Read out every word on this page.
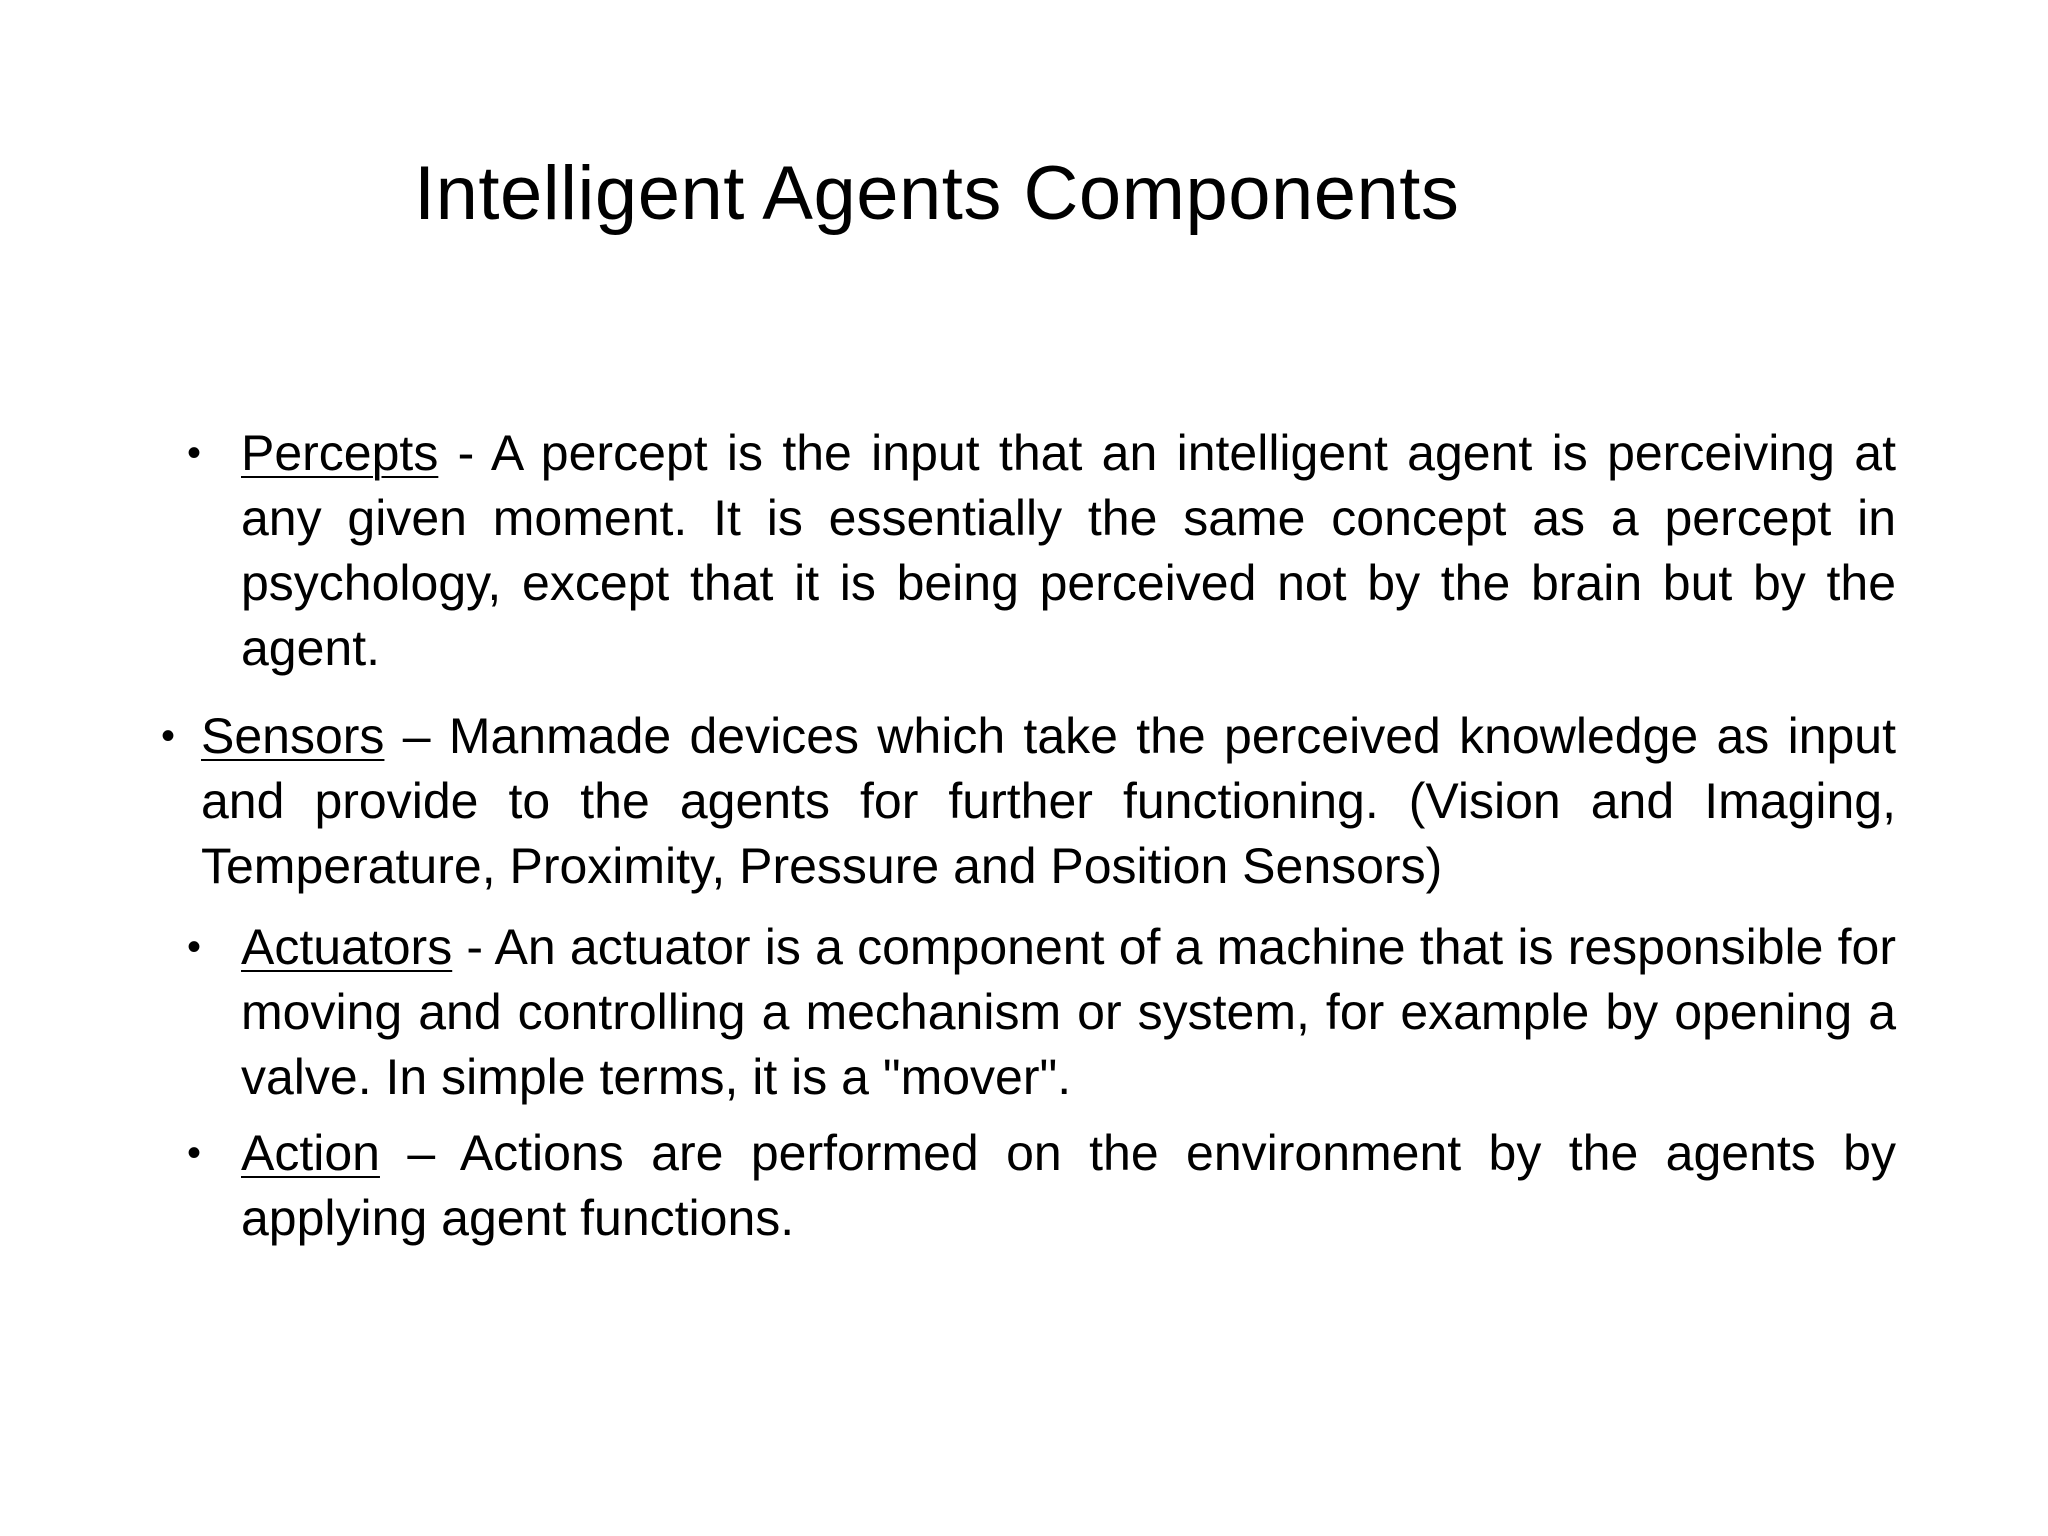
Intelligent Agents Components
• Percepts - A percept is the input that an intelligent agent is perceiving at any given moment. It is essentially the same concept as a percept in psychology, except that it is being perceived not by the brain but by the agent.
• Sensors – Manmade devices which take the perceived knowledge as input and provide to the agents for further functioning. (Vision and Imaging, Temperature, Proximity, Pressure and Position Sensors)
• Actuators - An actuator is a component of a machine that is responsible for moving and controlling a mechanism or system, for example by opening a valve. In simple terms, it is a "mover".
• Action – Actions are performed on the environment by the agents by applying agent functions.
